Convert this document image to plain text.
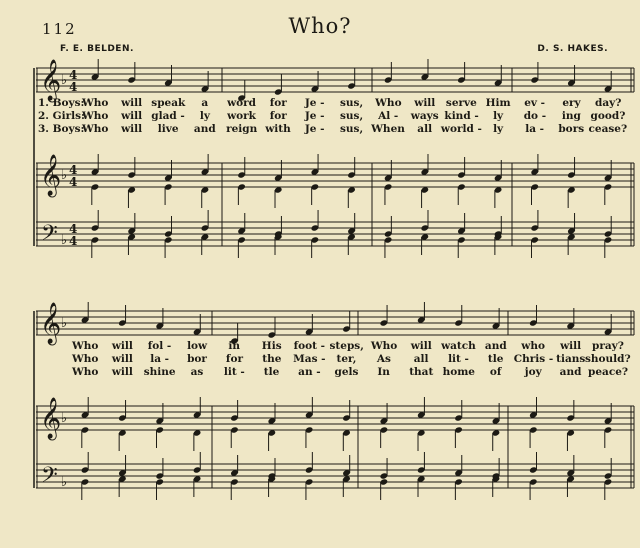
112	Who?
F. E. BELDEN.	D. S. HAKES.
𝄞
𝄞
𝄢
♭
♭
♭
4
4
4
4
4
4
𝄞
𝄞
𝄢
♭
♭
♭
1. Boys:
Who will speak a word for Je - sus, Who will serve Him ev - ery day?
2. Girls:
Who will glad - ly work for Je - sus, Al - ways kind - ly do - ing good?
3. Boys:
Who will live and reign with Je - sus, When all world - ly la - bors cease?
Who will fol - low in His foot - steps, Who will watch and who will pray?
Who will la - bor for the Mas - ter, As all lit - tle Chris - tians should?
Who will shine as lit - tle an - gels In that home of joy and peace?
